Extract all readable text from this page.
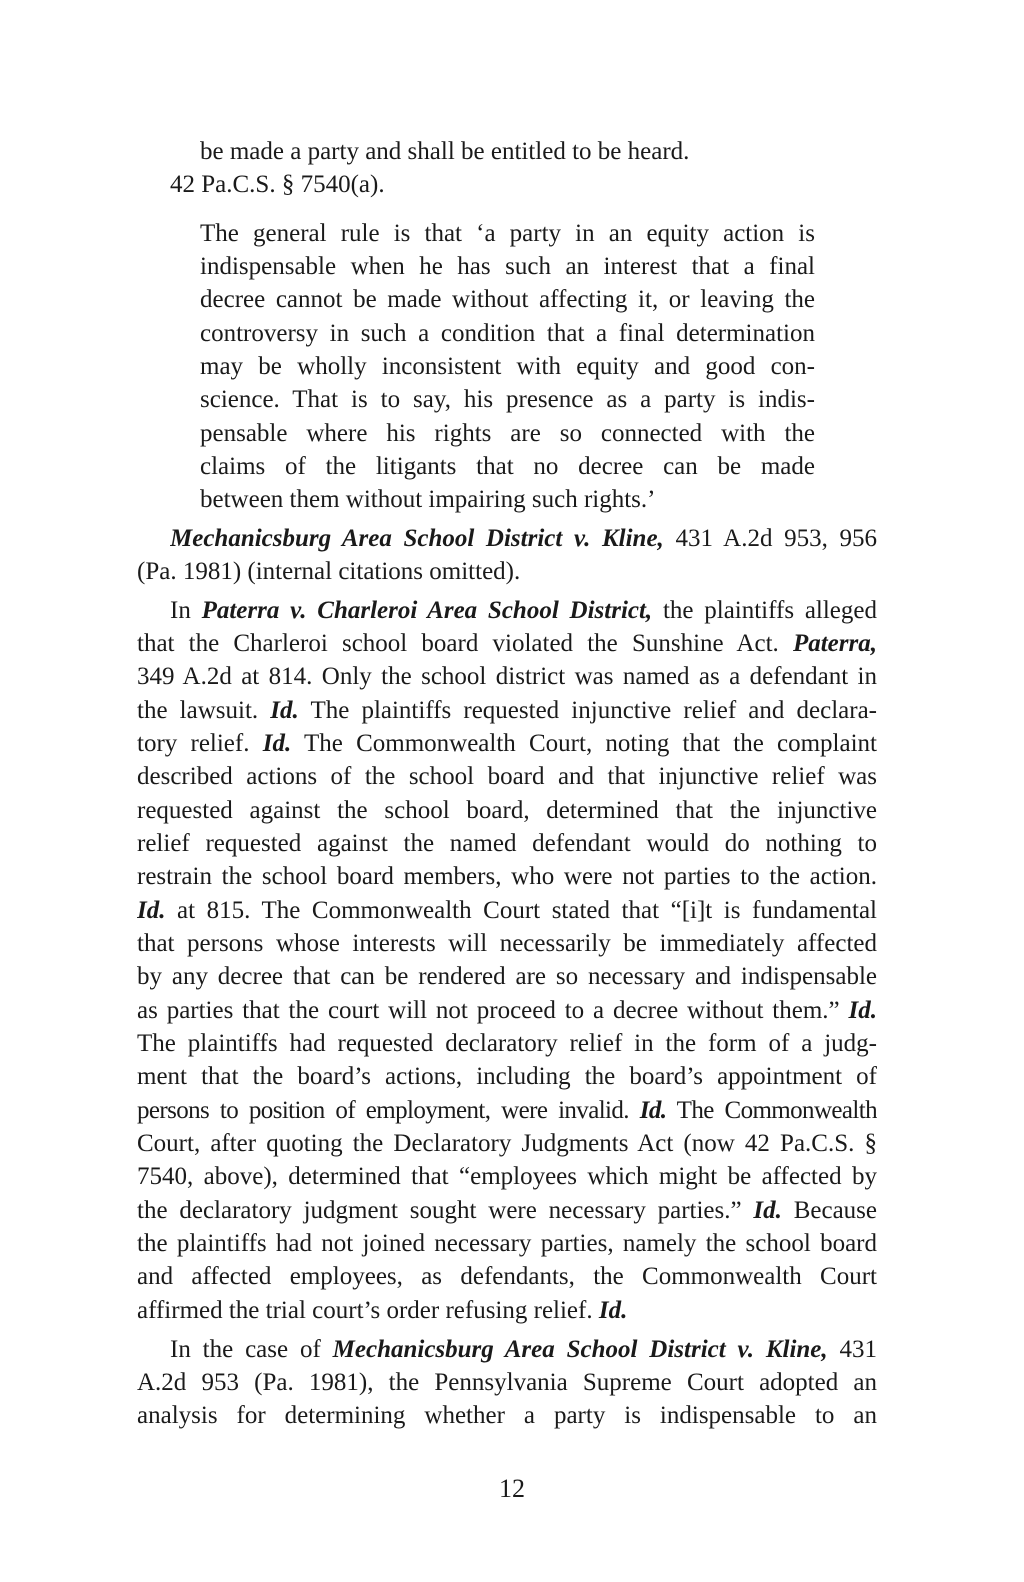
be made a party and shall be entitled to be heard.
42 Pa.C.S. § 7540(a).
The general rule is that ‘a party in an equity action is
indispensable when he has such an interest that a final
decree cannot be made without affecting it, or leaving the
controversy in such a condition that a final determination
may be wholly inconsistent with equity and good con-
science. That is to say, his presence as a party is indis-
pensable where his rights are so connected with the
claims of the litigants that no decree can be made
between them without impairing such rights.’
Mechanicsburg Area School District v. Kline, 431 A.2d 953, 956
(Pa. 1981) (internal citations omitted).
In Paterra v. Charleroi Area School District, the plaintiffs alleged
that the Charleroi school board violated the Sunshine Act. Paterra,
349 A.2d at 814. Only the school district was named as a defendant in
the lawsuit. Id. The plaintiffs requested injunctive relief and declara-
tory relief. Id. The Commonwealth Court, noting that the complaint
described actions of the school board and that injunctive relief was
requested against the school board, determined that the injunctive
relief requested against the named defendant would do nothing to
restrain the school board members, who were not parties to the action.
Id. at 815. The Commonwealth Court stated that “[i]t is fundamental
that persons whose interests will necessarily be immediately affected
by any decree that can be rendered are so necessary and indispensable
as parties that the court will not proceed to a decree without them.” Id.
The plaintiffs had requested declaratory relief in the form of a judg-
ment that the board’s actions, including the board’s appointment of
persons to position of employment, were invalid. Id. The Commonwealth
Court, after quoting the Declaratory Judgments Act (now 42 Pa.C.S. §
7540, above), determined that “employees which might be affected by
the declaratory judgment sought were necessary parties.” Id. Because
the plaintiffs had not joined necessary parties, namely the school board
and affected employees, as defendants, the Commonwealth Court
affirmed the trial court’s order refusing relief. Id.
In the case of Mechanicsburg Area School District v. Kline, 431
A.2d 953 (Pa. 1981), the Pennsylvania Supreme Court adopted an
analysis for determining whether a party is indispensable to an
12
